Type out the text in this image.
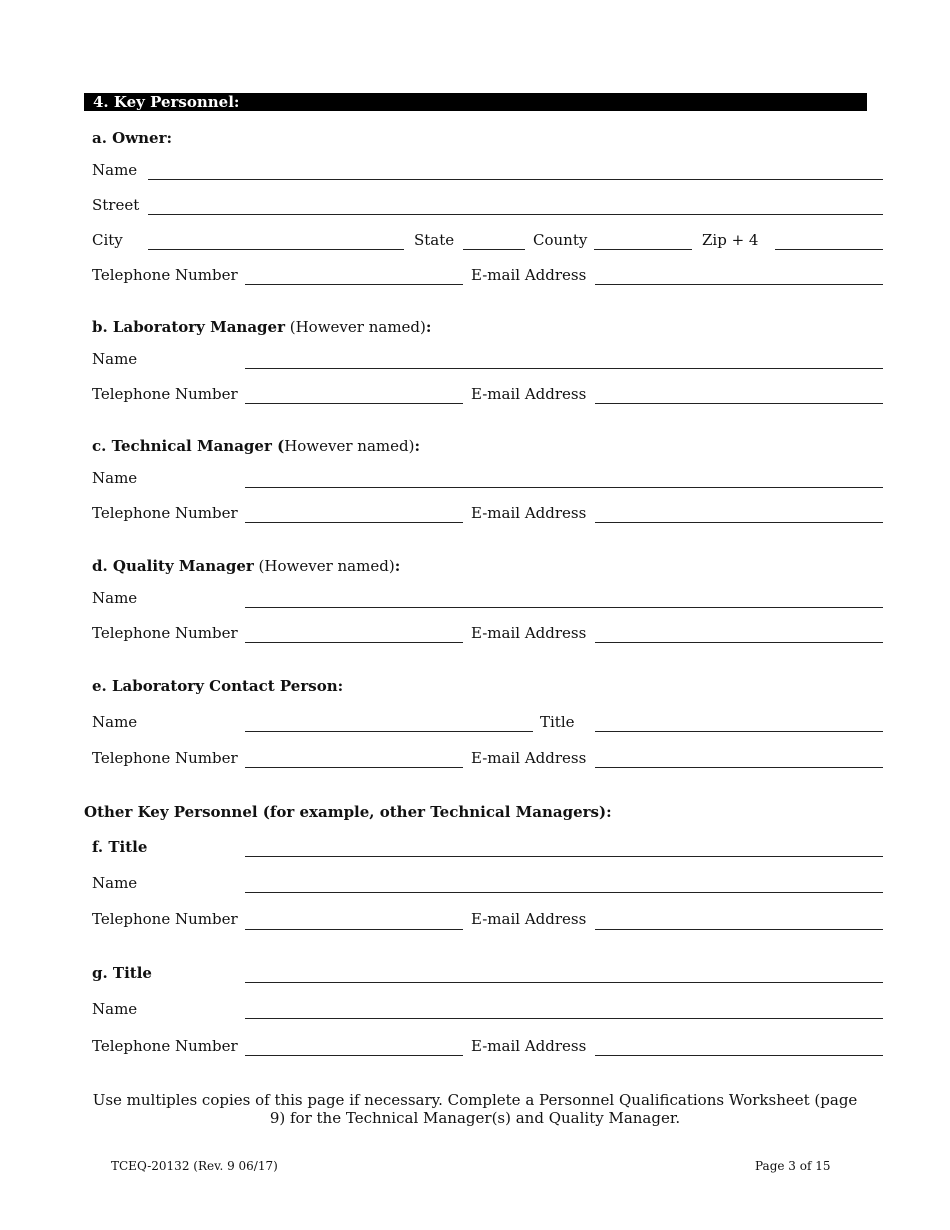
4. Key Personnel:
a. Owner:
Name
Street
City	State	County	Zip + 4
Telephone Number	E-mail Address
b. Laboratory Manager (However named):
Name
Telephone Number	E-mail Address
c. Technical Manager (However named):
Name
Telephone Number	E-mail Address
d. Quality Manager (However named):
Name
Telephone Number	E-mail Address
e. Laboratory Contact Person:
Name	Title
Telephone Number	E-mail Address
Other Key Personnel (for example, other Technical Managers):
f. Title
Name
Telephone Number	E-mail Address
g. Title
Name
Telephone Number	E-mail Address
Use multiples copies of this page if necessary. Complete a Personnel Qualifications Worksheet (page 9) for the Technical Manager(s) and Quality Manager.
TCEQ-20132 (Rev. 9 06/17)	Page 3 of 15
